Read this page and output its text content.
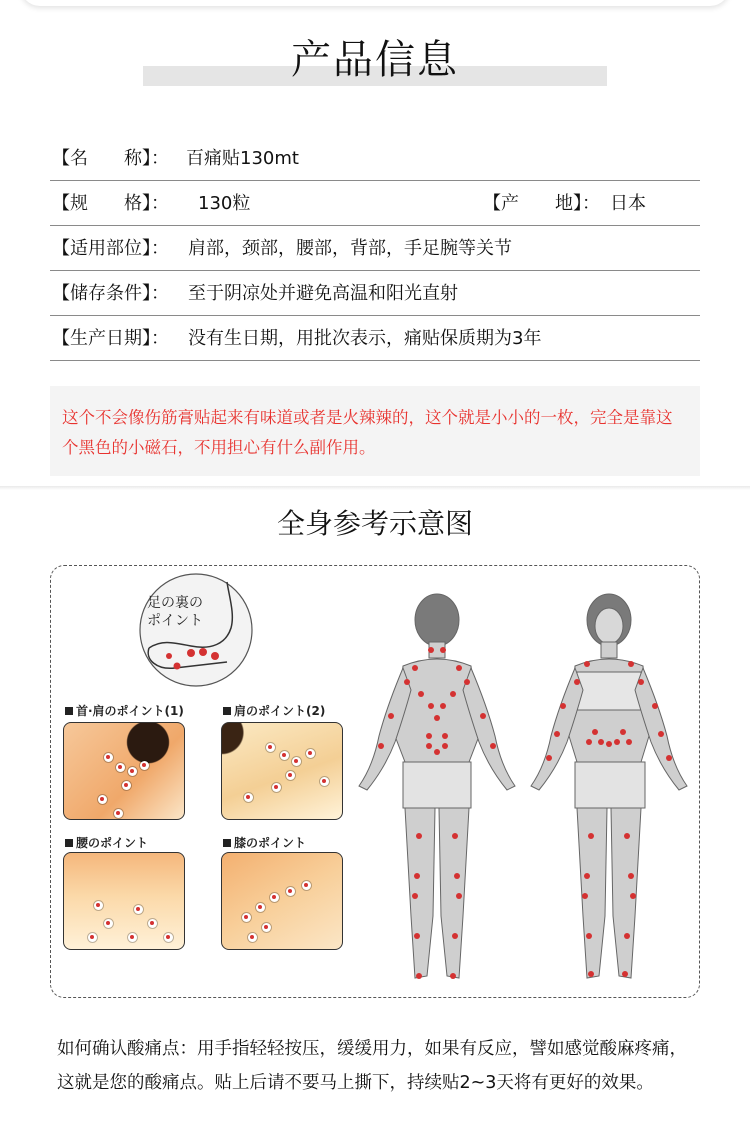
产品信息
【名　　称】： 百痛贴130mt
【规　　格】： 130粒	【产　　地】： 日本
【适用部位】： 肩部，颈部，腰部，背部，手足腕等关节
【储存条件】： 至于阴凉处并避免高温和阳光直射
【生产日期】： 没有生日期，用批次表示，痛贴保质期为3年
这个不会像伤筋膏贴起来有味道或者是火辣辣的，这个就是小小的一枚，完全是靠这个黑色的小磁石，不用担心有什么副作用。
全身参考示意图
足の裏の
ポイント
首·肩のポイント(1)	肩のポイント(2)
腰のポイント	膝のポイント
如何确认酸痛点：用手指轻轻按压，缓缓用力，如果有反应，譬如感觉酸麻疼痛，这就是您的酸痛点。贴上后请不要马上撕下，持续贴2~3天将有更好的效果。
